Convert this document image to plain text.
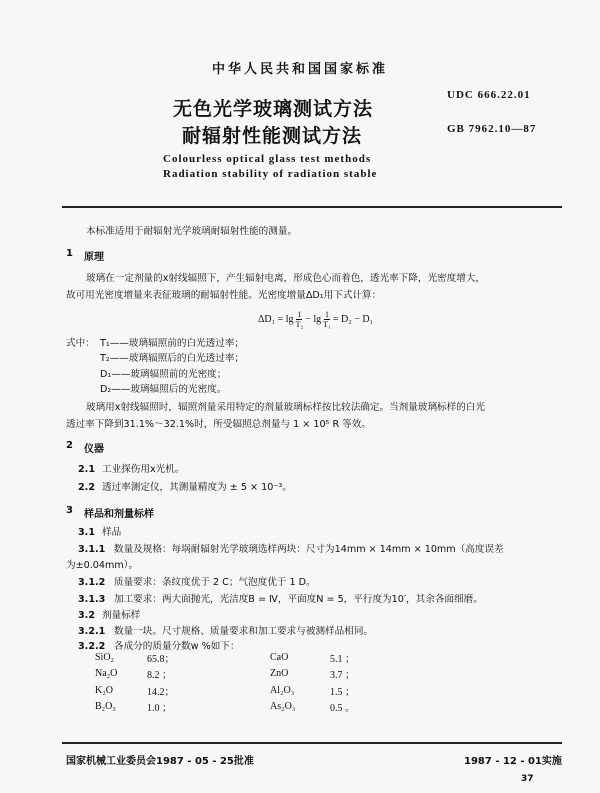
中华人民共和国国家标准
无色光学玻璃测试方法
耐辐射性能测试方法
Colourless optical glass test methods
Radiation stability of radiation stable
UDC 666.22.01
GB 7962.10—87
本标准适用于耐辐射光学玻璃耐辐射性能的测量。
1 原理
玻璃在一定剂量的x射线辐照下，产生辐射电离，形成色心而着色，透光率下降，光密度增大，
故可用光密度增量来表征玻璃的耐辐射性能。光密度增量ΔD₁用下式计算：
$\Delta D_1 = \lg \frac{1}{\text{T₂}} - \lg \frac{1}{\text{T₁}} = D_2 - D_1$
式中： T₁——玻璃辐照前的白光透过率；
T₂——玻璃辐照后的白光透过率；
D₁——玻璃辐照前的光密度；
D₂——玻璃辐照后的光密度。
玻璃用x射线辐照时，辐照剂量采用特定的剂量玻璃标样按比较法确定。当剂量玻璃标样的白光
透过率下降到31.1%～32.1%时，所受辐照总剂量与 1 × 10⁵ R 等效。
2 仪器
2.1 工业探伤用x光机。
2.2 透过率测定仪，其测量精度为 ± 5 × 10⁻³。
3 样品和剂量标样
3.1 样品
3.1.1 数量及规格：每埚耐辐射光学玻璃选样两块：尺寸为14mm × 14mm × 10mm（高度误差
为±0.04mm）。
3.1.2 质量要求：条纹度优于 2 C；气泡度优于 1 D。
3.1.3 加工要求：两大面抛光，光洁度B = Ⅳ，平面度N = 5，平行度为10′，其余各面细磨。
3.2 剂量标样
3.2.1 数量一块。尺寸规格、质量要求和加工要求与被测样品相同。
3.2.2 各成分的质量分数w %如下：
SiO₂	65.8；	CaO	5.1 ；
Na₂O	8.2 ；	ZnO	3.7 ；
K₂O	14.2；	Al₂O₃	1.5 ；
B₂O₃	1.0 ；	As₂O₃	0.5 。
国家机械工业委员会1987 - 05 - 25批准	1987 - 12 - 01实施
37
